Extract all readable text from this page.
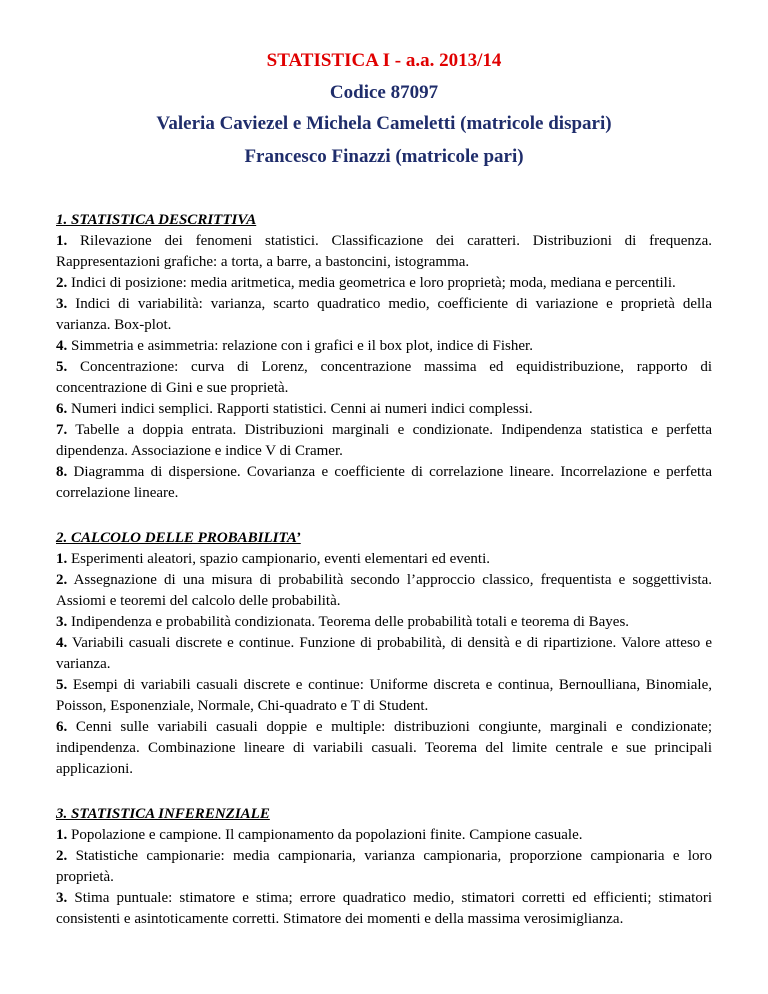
STATISTICA I - a.a. 2013/14

Codice 87097

Valeria Caviezel e Michela Cameletti (matricole dispari)

Francesco Finazzi (matricole pari)

1. STATISTICA DESCRITTIVA

1. Rilevazione dei fenomeni statistici. Classificazione dei caratteri. Distribuzioni di frequenza. Rappresentazioni grafiche: a torta, a barre, a bastoncini, istogramma.

2. Indici di posizione: media aritmetica, media geometrica e loro proprietà; moda, mediana e percentili.

3. Indici di variabilità: varianza, scarto quadratico medio, coefficiente di variazione e proprietà della varianza. Box-plot.

4. Simmetria e asimmetria: relazione con i grafici e il box plot, indice di Fisher.

5. Concentrazione: curva di Lorenz, concentrazione massima ed equidistribuzione, rapporto di concentrazione di Gini e sue proprietà.

6. Numeri indici semplici. Rapporti statistici. Cenni ai numeri indici complessi.

7. Tabelle a doppia entrata. Distribuzioni marginali e condizionate. Indipendenza statistica e perfetta dipendenza. Associazione e indice V di Cramer.

8. Diagramma di dispersione. Covarianza e coefficiente di correlazione lineare. Incorrelazione e perfetta correlazione lineare.

2. CALCOLO DELLE PROBABILITA’

1. Esperimenti aleatori, spazio campionario, eventi elementari ed eventi.

2. Assegnazione di una misura di probabilità secondo l’approccio classico, frequentista e soggettivista. Assiomi e teoremi del calcolo delle probabilità.

3. Indipendenza e probabilità condizionata. Teorema delle probabilità totali e teorema di Bayes.

4. Variabili casuali discrete e continue. Funzione di probabilità, di densità e di ripartizione. Valore atteso e varianza.

5. Esempi di variabili casuali discrete e continue: Uniforme discreta e continua, Bernoulliana, Binomiale, Poisson, Esponenziale, Normale, Chi-quadrato e T di Student.

6. Cenni sulle variabili casuali doppie e multiple: distribuzioni congiunte, marginali e condizionate; indipendenza. Combinazione lineare di variabili casuali. Teorema del limite centrale e sue principali applicazioni.

3. STATISTICA INFERENZIALE

1. Popolazione e campione. Il campionamento da popolazioni finite. Campione casuale.

2. Statistiche campionarie: media campionaria, varianza campionaria, proporzione campionaria e loro proprietà.

3. Stima puntuale: stimatore e stima; errore quadratico medio, stimatori corretti ed efficienti; stimatori consistenti e asintoticamente corretti. Stimatore dei momenti e della massima verosimiglianza.
